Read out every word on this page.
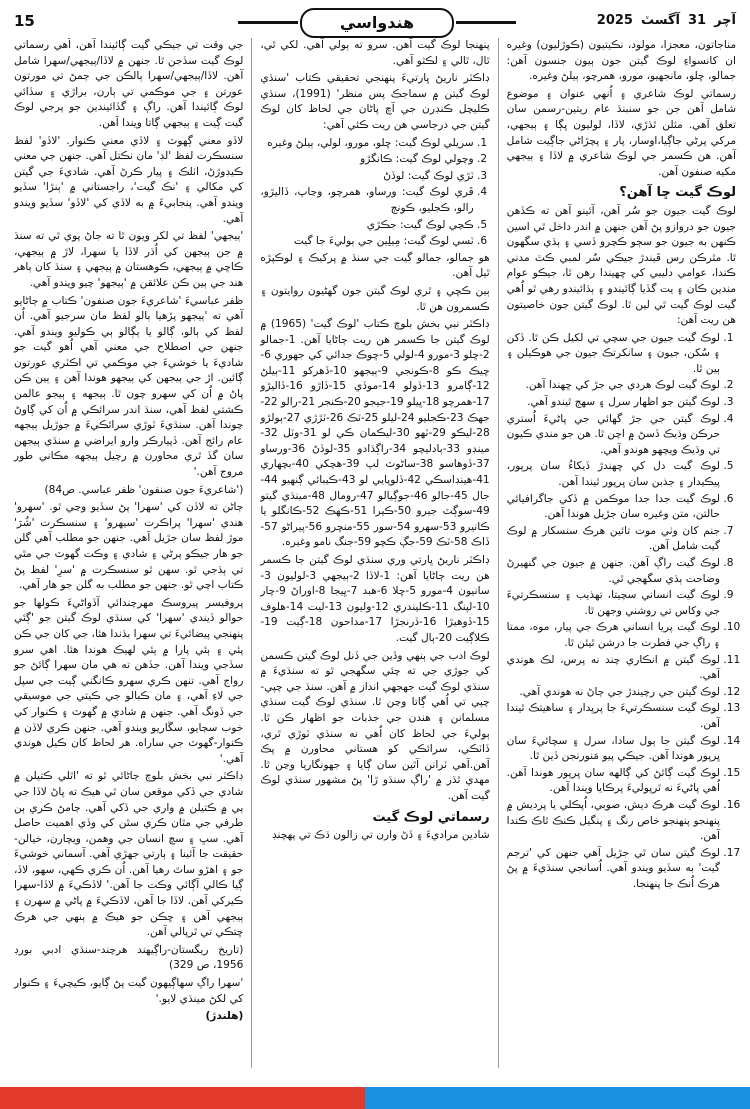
15	هندواسي	آچر
31
آگسٽ
2025

مناجاتون، معجزا، مولود، نڪيتيون (ڪوڙليون) وغيره ان کانسواءِ لوڪ گيتن جون ٻيون جنسون آهن: جمالو، ڇلو، مانجهيو، مورو، همرچو، ٻيلڻ وغيره.

رسماتي لوڪ شاعري ۽ اُنهي عنوان ۽ موضوع شامل آهن جن جو سنبنڌ عام ريتين-رسمن سان تعلق آهي. مثلن ٿڌڙي، لاڏا، لوليون ڀڳا ۽ ٻيجهي، مرکي پرڻي جاڳيا،اوسار، پار ۽ پچڙاڻي جاڳيت شامل آهن. هن ڪسمر جي لوڪ شاعري ۾ لاڏا ۽ ٻيجهي مکيه صنفون آهن.

لوڪ گيت ڇا آهن؟

لوڪ گيت جيون جو سُر آهن، آئينو آهن ته ڪڏهن جيون جو دروازو پڻ آهن جنهن ۾ اندر داخل ٿي اسين ڪنهن به جيون جو سڄو ڪچرو ڏسي ۽ ٻڌي سگهون ٿا. مٿرڪن رس ڦيندڙ جيڪي سُر لمبي ڪٿ مدني ڪندا، عوامي دليبي کي ڇهيندا رهن ٿا، جيڪو عوام مندين ڪان ۽ يت گڏيا ڳائيندو ۽ ٻڌائيندو رهي ٿو اُهي گيت لوڪ گيت ٿي لين ٿا. لوڪ گيتن جون خاصيتون هن ريت آهن:

1. لوڪ گيت جيون جي سچي تي لکيل ڪن ٿا. ڏکن ۽ سُکن، جيون ۽ سانکرتڪ جيون جي هوڪيلن ۽ ٻين ٿا.
2. لوڪ گيت لوڪ هردي جي جڙ کي ڇهندا آهن.
3. لوڪ گيتن جو اظهار سرل ۽ سهڄ ٿيندو آهي.
4. لوڪ گيتن جي جڙ گهائي جي پاڻيءَ اُستري حرڪن وڌيڪ ڏسڻ ۾ اچن ٿا. هن جو مندي ڪيون تي وڌيڪ ويچهو هوندو آهي.
5. لوڪ گيت دل کي ڇهندڙ ڏيکاءُ سان پرپور، پيڪيدار ۽ جذبن سان ڀرپور ٿيندا آهن.
6. لوڪ گيت جدا جدا موڪمن ۾ ڏکي جاگرافيائي حالتن، متن وغيره سان جڙيل هوندا آهن.
7. جنم کان وٺي موت تائين هرڪ سنسکار ۾ لوڪ گيت شامل آهن.
8. لوڪ گيت راڳ آهن. جنهن ۾ جيون جي گنهيرڻ وضاحت ٻڌي سگهجي ٿي.
9. لوڪ گيت انساني سچيتا، تهذيب ۽ سنسڪرتيءَ جي وکاس تي روشني وجهن ٿا.
10. لوڪ گيت پريا انساني هرڪ جي پيار، موه، ممتا ۽ راڳ جي فطرت جا درشن ٿيئن ٿا.
11. لوڪ گيتن ۾ انڪاري چند نه پرس، لڪ هوندي آهي.
12. لوڪ گيتن جي رچيندڙ جي ڄاڻ نه هوندي آهي.
13. لوڪ گيت سنسڪرتيءَ جا پرڀدار ۽ ساهيتڪ ٿيندا آهن.
14. لوڪ گيتن جا ٻول سادا، سرل ۽ سچائيءَ سان ڀرپور هوندا آهن. جيڪي پيو مَنورنجن ڏين ٿا.
15. لوڪ گيت ڳائڻ کي ڳالهه سان ڀرپور هوندا آهن. اُهي پاڻيءَ نه ٿرپوليءَ پرڪايا ويندا آهن.
16. لوڪ گيت هرڪ ديش، صوبي، اُپڪلي يا پرديش ۾ پنهنجو پنهنجو خاص رنگ ۽ پنگيل ڪنڪ ٿاڪ ڪندا آهن.
17. لوڪ گيتن سان ٿي جڙيل آهي جنهن کي 'ترجم گيت' به سڏيو ويندو آهي. اُسانجي سنڌيءَ ۾ پڻ هرڪ اُنڪ جا پنهنجا.

پنهنجا لوڪ گيت آهن. سرو ته ٻولي آهي. لکي ٿي، ٿال، ٿالي ۽ لڪثو آهي.

ڊاڪٽر ناريڻ ڀارتيءَ پنهنجي تحقيقي ڪتاب 'سنڌي لوڪ گيتن ۾ سماجڪ پس منظر' (1991)، سنڌي ڪليچل ڪنڊرن جي آڇ پاڻان جي لحاظ کان لوڪ گيتن جي درجاسي هن ريت ڪئي آهي:

1. سريلي لوڪ گيت: ڇلو، مورو، لولي، ٻيلڻ وغيره
2. وچولي لوڪ گيت: ڪانگڙو
3. ٽڙي لوڪ گيت: لوڏڻ
4. ڦري لوڪ گيت: ورساو، همرچو، وڃاپ، ڏاليڙو، رالو، ڪجليو، ڪونڄ
5. ڪچي لوڪ گيت: جڪڙي
6. ٽسي لوڪ گيت: مِيلِين جي ٻوليءَ جا گيت

هو جمالو، جمالو گيت جي سنڌ ۾ پرکيڪ ۽ لوڪپڙه ٿيل آهن.

ٻين ڪڇي ۽ ٿري لوڪ گيتن جون گهڻيون روايتون ۽ ڪسمرون هن ٿا.

ڊاڪٽر نبي بخش بلوچ ڪتاب 'لوڪ گيت' (1965) ۾ لوڪ گيتن جا ڪسمر هن ريت ڄاڻايا آهن. 1-جمالو 2-ڇلو 3-مورو 4-لولي 5-ڇوڪ جدائي کي جهوري 6-ڇيڪ ڪو 8-ڪونجي 9-ٻيجهو 10-ڏهرکو 11-ٻيلڻ 12-ڳامرو 13-ڏولو 14-موڏي 15-ڏاڙو 16-ڏاليڙو 17-همرچو 18-ڀيلو 19-جيجو 20-ڪنجر 21-رالو 22-جهڪ 23-ڪجليو 24-ليلو 25-ٽڪ 26-ٽڙڙي 27-ٻولڙو 28-ليڪو 29-ٽهو 30-ليڪمان ڪي لو 31-وٽل 32-مينڊو 33-ٻادليچو 34-راڳڌادو 35-لوڏڻ 36-ورساو 37-ڏوهاسو 38-ساڻوٽ لپ 39-هچکي 40-بچھاري 41-هينڊاسڪي 42-ڏلوپايي لو 43-ڪيبائي ڳنھيو 44-جال 45-جالو 46-جوڳيالو 47-رومال 48-مينڌي گيتو 49-سوڳٽ جيرو 50-ڪيرا 51-ڪهڪ 52-ڪانگلو يا ڪانيرو 53-سهرو 54-سور 55-منڇرو 56-پيراڻو 57-ڏاڪ 58-ٽڪ 59-جڳ ڪچو 59-جنگ نامو وغيره.

ڊاڪٽر ناريڻ ڀارتي وري سنڌي لوڪ گيتن جا ڪسمر هن ريت ڄاڻايا آهن: 1-لاڏا 2-ٻيجهي 3-لوليون 3-سانيون 4-مورو 5-ڇلا 6-هبد 7-ڀيجا 8-اوراڻ 9-چار 10-لپنگ 11-ڪليندري 12-وليون 13-ليت 14-هلوف 15-ڏوهيڙا 16-ڏرنجڙا 17-مداحون 18-ڳيت 19-ڪلاڳيت 20-ٻال گيت.

لوڪ ادب جي ٻنهي وڏين جي ڏنل لوڪ گيتن ڪسمن کي جوڙي جي ته چئي سگهجي ٿو ته سنڌيءَ ۾ سنڌي لوڪ گيت جهجهي انداز ۾ آهن. سنڌ جي چپي-چپي تي اُهي ڳاتا وڃن ٿا. سنڌي لوڪ گيت سنڌي مسلمانن ۽ هندن جي جذبات جو اظهار ڪن ٿا. ٻوليءَ جي لحاظ کان اُهي نه سنڌي ٽوڙي ٿري، ڏاٽڪي، سرائڪي کو هستاني محاورن ۾ پڪ آهن.آهي ٽرانن آٿين سان ڳايا ۽ جهونگاريا وڃن ٿا. مهدي ٿڌر ۾ 'راڳ سنڌو ڙا' پڻ مشهور سنڌي لوڪ گيت آهن.

رسماتي لوڪ گيت

شادين مراديءَ ۽ ڏڻ وارن تي زالون ڌڪ تي پهچنڊ

جي وقت تي جيڪي گيت ڳائيندا آهن، اُهي رسماتي لوڪ گيت سڏجن ٿا. جنهن ۾ لاڏا/ٻيجهي/سهرا شامل آهن. لاڏا/ٻيجهي/سهرا ٻالڪن جي ڄمڻ تي مورتون عورتن ۽ جي موڪمي تي ٻارن، براڙي ۽ سڏائي لوڪ ڳائيندا آهن. راڳ ۽ گڏائيندين جو پرجي لوڪ گيت ڳيت ۽ ٻيجهي ڳاتا ويندا آهن.

لاڏو معني ڳهوٽ ۽ لاڏي معني ڪنوار. 'لاڏو' لفظ سنسڪرت لفظ 'لڊ' مان نڪتل آهي. جنهن جي معني ڪيڊوڙڻ، اٺلڪ ۽ پيار ڪرڻ آهي. شاديءَ جي گيتن کي مکالي ۽ 'نڪ گيت'، راجستاني ۾ 'ٻنڙا' سڏيو ويندو آهي. پنجابيءَ ۾ به لاڏي کي 'لاڏو' سڏيو ويندو آهي.

'ٻيجهي' لفظ تي لکر ويون ٿا ته جاڻ پوي ٿي ته سنڌ ۾ جن ٻيجهن کي اُڌر لاڏا يا سهرا، لاڙ ۾ ٻيجهي، ڪاڇي ۾ ٻيجهي، ڪوهستان ۾ ٻيجهي ۽ سنڌ کان ٻاهر هند جي ٻين ڪن علائقن ۾ 'ٻيجهو' چيو ويندو آهي.

ظفر عباسيءَ 'شاعريءَ جون صنفون' ڪتاب ۾ ڄاڻايو آهي ته 'ٻيجهو پڙهيا ٻالو لفظ مان سرجيو آهي. اُن لفظ کي ٻالو، ڳالو يا ٻڳالو ٻي ڪوليو ويندو آهي. جنهن جي اصطلاح جي معني آهي اُهو گيت جو شاديءَ يا خوشيءَ جي موڪمي تي اڪٽري عورتون ڳائين. اڙ جي ٻيجهن کي ٻيجهو هوندا آهن ۽ ٻين ڪن پاڻ ۾ اُن کي سهرو چون ٿا. ٻيجهه ۽ ٻيجو عالمن ڪشتي لفظ آهي، سنڌ اندر سرائڪي ۾ اُن کي ڳاوڻ چوندا آهن. سنڌيءَ ٽوڙي سرائڪيءَ ۾ جوڙيل ٻيجهه عام رائج آهن. ڏپيارڪر وارو ايراضي ۾ سنڌي ٻيجهن سان گڏ ٿري محاورن ۾ رچيل ٻيجهه مڪاني طور مروج آهن.'

('شاعريءَ جون صنفون' ظفر عباسي. ص84)

ڄاڻن ته لاڏن کي 'سهرا' پڻ سڏيو وڃي ٿو. 'سهرو' هندي 'سهرا' پراڪرت 'سيهرو' ۽ سنسڪرت 'شُرَ' موڙ لفظ سان جڙيل آهي. جنهن جو مطلب آهي گلن جو هار جيڪو پرڻي ۽ شادي ۽ وڪت گهوٽ جي مٿي تي ٻڌجي ٿو. سهن ٿو سنسڪرت ۾ 'سرِ' لفظ پڻ ڪتاب اچي ٿو. جنهن جو مطلب به گلن جو هار آهي.

پروفيسر پيروسڪ مهرچندائي آڏواڻيءَ ڪولها جو حوالو ڏيندي 'سهرا' کي سنڌي لوڪ گيتن جو 'ڳئي پنهنجي پيضائيءَ تي سهرا بڌندا هئا، جي کان جي ڪن پئي ۽ ٻئي پارا ۾ ٻئي لهيڪ هوندا هئا. اهي سرو سڏجي ويندا آهن. جڏهن ته هي مان سهرا ڳائڻ جو رواج آهي. تنهن ڪري سهرو ڪانگني ڳيت جي سپل جي لاءِ آهي، ۽ مان ڪبالو جي ڪيتي جي موسيقي جي ڏونگ آهي. جنهن ۾ شادي ۾ گهوٽ ۽ ڪنوار کي خوب سڄايو، سڱاريو ويندو آهي. جنهن ڪري لاڏن ۾ ڪنوار-گهوٽ جي ساراه. هر لحاظ کان ڪيل هوندي آهي.'

ڊاڪٽر نبي بخش بلوچ ڄاڻائي ٿو ته 'اٿلي ڪتيلن ۾ شادي جي ڏکي موقعن سان ٿي هيڪ ته پاڻ لاڏا جي ٻي ۾ ڪتيلن ۾ واري جي ڏکي آهي. ڄامڻ ڪري ٻن طرفي جي مٿان ڪري سٿن کي وڏي اهميت حاصل آهي. سڀ ۽ سچ انسان جي وهمن، ويچارن، خيالن-حقيقت جا آئينا ۽ ٻارتي جهڙي آهي. آسماني خوشيءَ جو ۽ اهڙو ساٿ رهيا آهن. اُن ڪري ڪهي، سهو، لاڏ، ڳيا ڪالي آڳائي وڪت جا آهن.' لاڏڪيءَ ۾ لاڏا-سهرا ڪيرکي آهن. لاڏا جا آهن، لاڏڪيءَ ۾ پاڻي ۾ سهرن ۽ ٻيجهي آهن ۽ ڇڪن جو هيڪ ۾ ٻنهي جي هرڪ ڇتڪي تي ٿرپالي آهن.

(تاريخ ريگستان-راڳيهند هرچند-سنڌي ادبي بورڊ 1956، ص 329)

'سهرا راڳ سهاڳيهون گيت پڻ ڳايو، ڪيچيءَ ۽ ڪنوار کي لکڻ مينڌي لايو.'

(هلندڙ)
